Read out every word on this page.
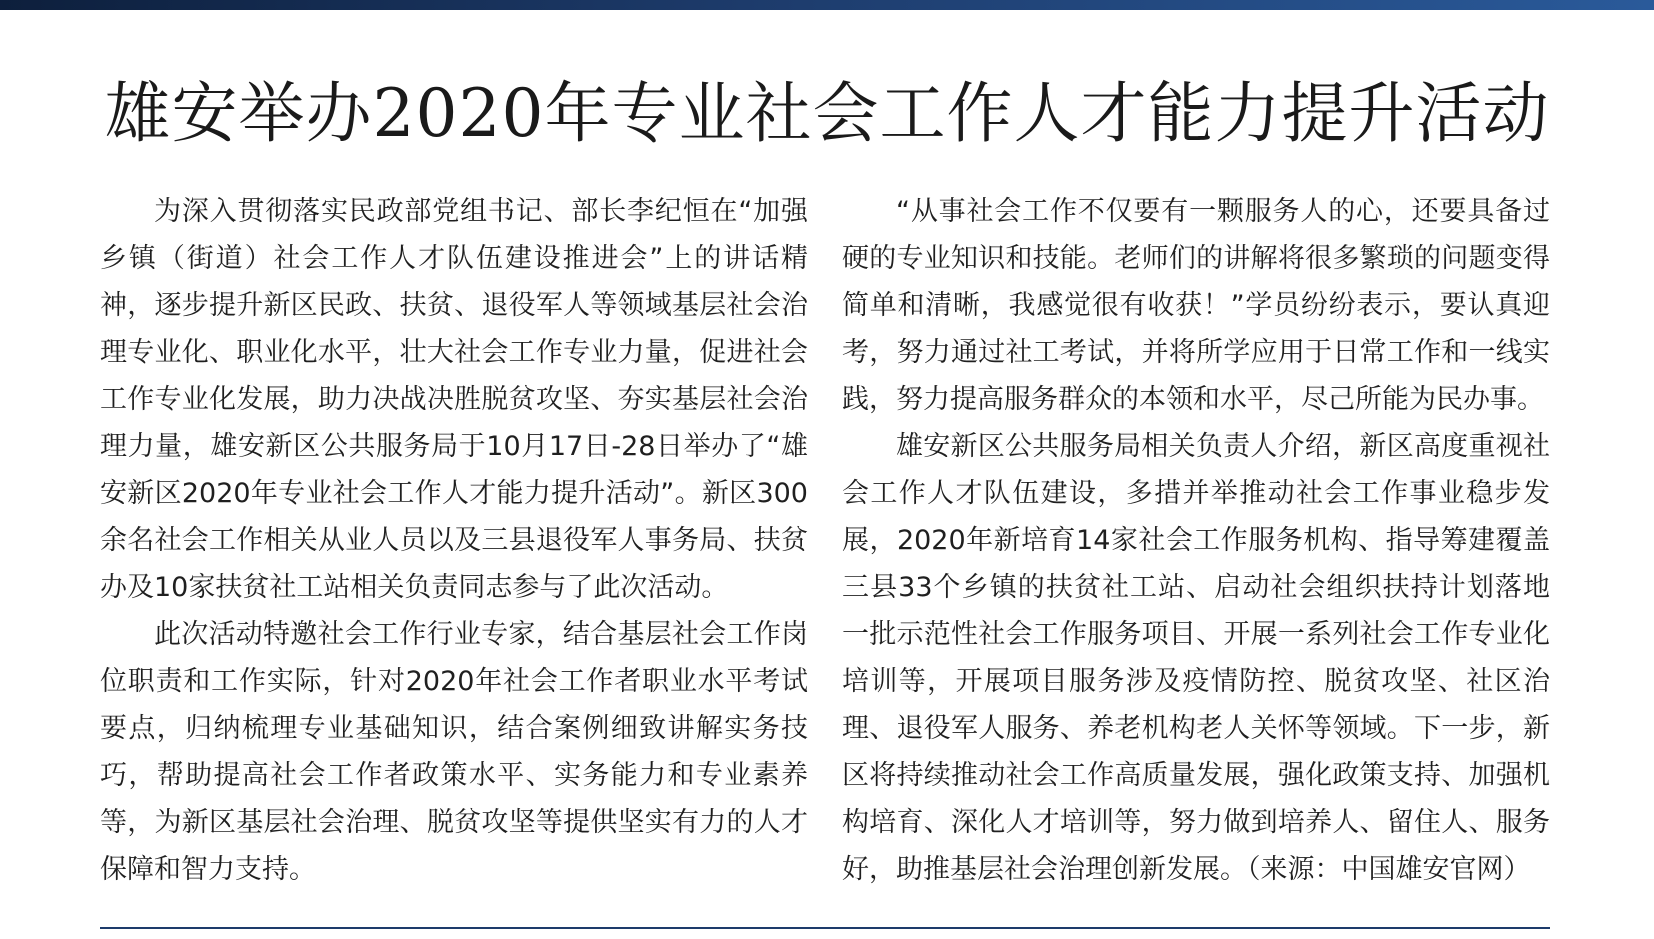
雄安举办2020年专业社会工作人才能力提升活动

为深入贯彻落实民政部党组书记、部长李纪恒在“加强乡镇（街道）社会工作人才队伍建设推进会”上的讲话精神，逐步提升新区民政、扶贫、退役军人等领域基层社会治理专业化、职业化水平，壮大社会工作专业力量，促进社会工作专业化发展，助力决战决胜脱贫攻坚、夯实基层社会治理力量，雄安新区公共服务局于10月17日-28日举办了“雄安新区2020年专业社会工作人才能力提升活动”。新区300余名社会工作相关从业人员以及三县退役军人事务局、扶贫办及10家扶贫社工站相关负责同志参与了此次活动。

此次活动特邀社会工作行业专家，结合基层社会工作岗位职责和工作实际，针对2020年社会工作者职业水平考试要点，归纳梳理专业基础知识，结合案例细致讲解实务技巧，帮助提高社会工作者政策水平、实务能力和专业素养等，为新区基层社会治理、脱贫攻坚等提供坚实有力的人才保障和智力支持。

“从事社会工作不仅要有一颗服务人的心，还要具备过硬的专业知识和技能。老师们的讲解将很多繁琐的问题变得简单和清晰，我感觉很有收获！”学员纷纷表示，要认真迎考，努力通过社工考试，并将所学应用于日常工作和一线实践，努力提高服务群众的本领和水平，尽己所能为民办事。

雄安新区公共服务局相关负责人介绍，新区高度重视社会工作人才队伍建设，多措并举推动社会工作事业稳步发展，2020年新培育14家社会工作服务机构、指导筹建覆盖三县33个乡镇的扶贫社工站、启动社会组织扶持计划落地一批示范性社会工作服务项目、开展一系列社会工作专业化培训等，开展项目服务涉及疫情防控、脱贫攻坚、社区治理、退役军人服务、养老机构老人关怀等领域。下一步，新区将持续推动社会工作高质量发展，强化政策支持、加强机构培育、深化人才培训等，努力做到培养人、留住人、服务好，助推基层社会治理创新发展。（来源：中国雄安官网）
